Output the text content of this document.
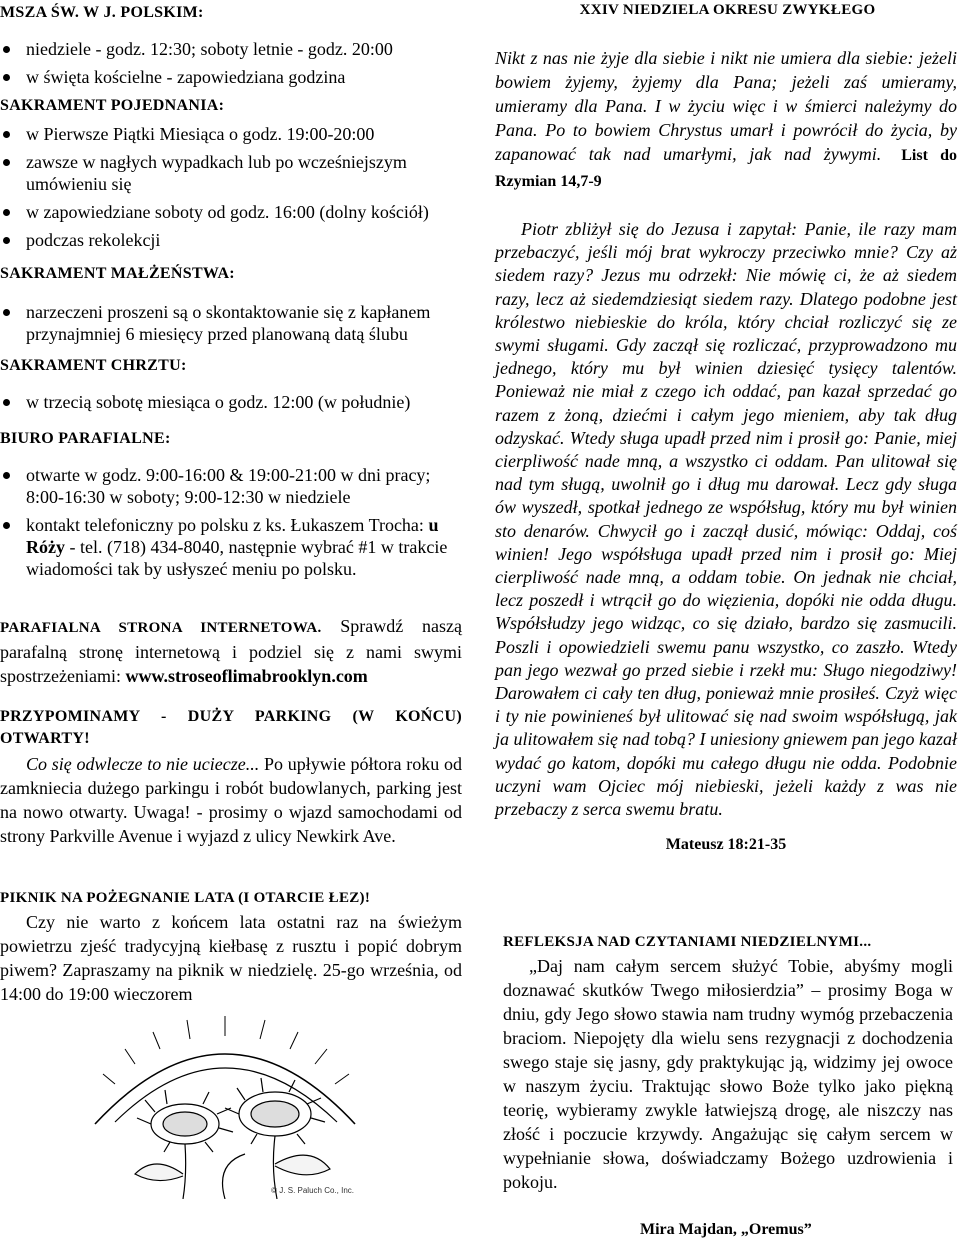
MSZA ŚW. W J. POLSKIM:
niedziele - godz. 12:30; soboty letnie - godz. 20:00
w święta kościelne - zapowiedziana godzina
SAKRAMENT POJEDNANIA:
w Pierwsze Piątki Miesiąca o godz. 19:00-20:00
zawsze w nagłych wypadkach lub po wcześniejszym umówieniu się
w zapowiedziane soboty od godz. 16:00 (dolny kościół)
podczas rekolekcji
SAKRAMENT MAŁŻEŃSTWA:
narzeczeni proszeni są o skontaktowanie się z kapłanem przynajmniej 6 miesięcy przed planowaną datą ślubu
SAKRAMENT CHRZTU:
w trzecią sobotę miesiąca o godz. 12:00 (w południe)
BIURO PARAFIALNE:
otwarte w godz. 9:00-16:00 & 19:00-21:00 w dni pracy; 8:00-16:30 w soboty; 9:00-12:30 w niedziele
kontakt telefoniczny po polsku z ks. Łukaszem Trocha: u Róży - tel. (718) 434-8040, następnie wybrać #1 w trakcie wiadomości tak by usłyszeć meniu po polsku.

PARAFIALNA STRONA INTERNETOWA. Sprawdź naszą parafalną stronę internetową i podziel się z nami swymi spostrzeżeniami: www.stroseoflimabrooklyn.com

PRZYPOMINAMY - DUŻY PARKING (W KOŃCU) OTWARTY!

Co się odwlecze to nie uciecze... Po upływie półtora roku od zamkniecia dużego parkingu i robót budowlanych, parking jest na nowo otwarty. Uwaga! - prosimy o wjazd samochodami od strony Parkville Avenue i wyjazd z ulicy Newkirk Ave.

PIKNIK NA POŻEGNANIE LATA (I OTARCIE ŁEZ)!

Czy nie warto z końcem lata ostatni raz na świeżym powietrzu zjeść tradycyjną kiełbasę z rusztu i popić dobrym piwem? Zapraszamy na piknik w niedzielę. 25-go września, od 14:00 do 19:00 wieczorem

© J. S. Paluch Co., Inc.
XXIV NIEDZIELA OKRESU ZWYKŁEGO

Nikt z nas nie żyje dla siebie i nikt nie umiera dla siebie: jeżeli bowiem żyjemy, żyjemy dla Pana; jeżeli zaś umieramy, umieramy dla Pana. I w życiu więc i w śmierci należymy do Pana. Po to bowiem Chrystus umarł i powrócił do życia, by zapanować tak nad umarłymi, jak nad żywymi. List do Rzymian 14,7-9

Piotr zbliżył się do Jezusa i zapytał: Panie, ile razy mam przebaczyć, jeśli mój brat wykroczy przeciwko mnie? Czy aż siedem razy? Jezus mu odrzekł: Nie mówię ci, że aż siedem razy, lecz aż siedemdziesiąt siedem razy. Dlatego podobne jest królestwo niebieskie do króla, który chciał rozliczyć się ze swymi sługami. Gdy zaczął się rozliczać, przyprowadzono mu jednego, który mu był winien dziesięć tysięcy talentów. Ponieważ nie miał z czego ich oddać, pan kazał sprzedać go razem z żoną, dziećmi i całym jego mieniem, aby tak dług odzyskać. Wtedy sługa upadł przed nim i prosił go: Panie, miej cierpliwość nade mną, a wszystko ci oddam. Pan ulitował się nad tym sługą, uwolnił go i dług mu darował. Lecz gdy sługa ów wyszedł, spotkał jednego ze współsług, który mu był winien sto denarów. Chwycił go i zaczął dusić, mówiąc: Oddaj, coś winien! Jego współsługa upadł przed nim i prosił go: Miej cierpliwość nade mną, a oddam tobie. On jednak nie chciał, lecz poszedł i wtrącił go do więzienia, dopóki nie odda długu. Współsłudzy jego widząc, co się działo, bardzo się zasmucili. Poszli i opowiedzieli swemu panu wszystko, co zaszło. Wtedy pan jego wezwał go przed siebie i rzekł mu: Sługo niegodziwy! Darowałem ci cały ten dług, ponieważ mnie prosiłeś. Czyż więc i ty nie powinieneś był ulitować się nad swoim współsługą, jak ja ulitowałem się nad tobą? I uniesiony gniewem pan jego kazał wydać go katom, dopóki mu całego długu nie odda. Podobnie uczyni wam Ojciec mój niebieski, jeżeli każdy z was nie przebaczy z serca swemu bratu.

Mateusz 18:21-35
REFLEKSJA NAD CZYTANIAMI NIEDZIELNYMI...

„Daj nam całym sercem służyć Tobie, abyśmy mogli doznawać skutków Twego miłosierdzia” – prosimy Boga w dniu, gdy Jego słowo stawia nam trudny wymóg przebaczenia braciom. Niepojęty dla wielu sens rezygnacji z dochodzenia swego staje się jasny, gdy praktykując ją, widzimy jej owoce w naszym życiu. Traktując słowo Boże tylko jako piękną teorię, wybieramy zwykle łatwiejszą drogę, ale niszczy nas złość i poczucie krzywdy. Angażując się całym sercem w wypełnianie słowa, doświadczamy Bożego uzdrowienia i pokoju.

Mira Majdan, „Oremus”
